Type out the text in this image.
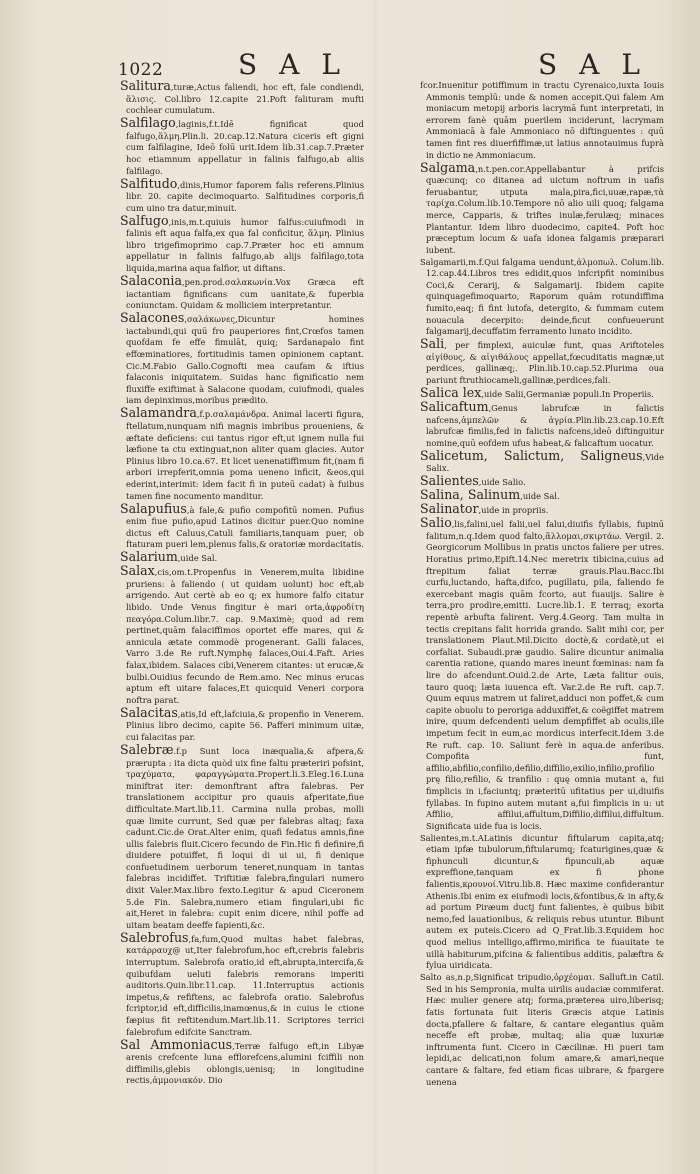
1022	SAL	SAL

Salitura,turæ,Actus faliendi, hoc eft, fale condiendi, ἅλισις. Col.libro 12.capite 21.Poft falituram mufti cochlear cumulatum.

Salfilago,laginis,f.t.Idē fignificat quod falfugo,ἅλμη.Plin.li. 20.cap.12.Natura ciceris eft gigni cum falfilagine, Ideō folū urit.Idem lib.31.cap.7.Præter hoc etiamnum appellatur in falinis falfugo,ab aliis falfilago.

Salfitudo,dinis,Humor faporem falis referens.Plinius libr. 20. capite decimoquarto. Salfitudines corporis,fi cum uino trа datur,minuit.

Salfugo,inis,m.t.quiuis humor falfus:cuiufmodi in falinis eft aqua falfa,ex qua fal conficitur, ἅλμη. Plinius libro trigefimoprimo cap.7.Præter hoc eti amnum appellatur in falinis falfugo,ab alijs falfilago,tota liquida,marina aqua falfior, ut diftans.

Salaconia,pen.prod.σαλακωνία.Vox Græca eft iactantiam fignificans cum uanitate,& fuperbia coniunctam. Quidam & molliciem interpretantur.

Salacones,σαλάκωνες,Dicuntur homines iactabundi,qui quū fro pauperiores fint,Crœfos tamen quofdam fe effe fimulāt, quiq; Sardanapalo fint effœminatiores, fortitudinis tamen opinionem captant. Cic.M.Fabio Gallo.Cognofti mea caufam & iftius falaconis iniquitatem. Suidas hanc fignificatio nem fluxiffe exiftimat à Salacone quodam, cuiufmodi, quales iam depinximus,moribus prædito.

Salamandra,f.p.σαλαμάνδρα. Animal lacerti figura, ftellatum,nunquam nifi magnis imbribus proueniens, & æftate deficiens: cui tantus rigor eft,ut ignem nulla fui læfione ta ctu extinguat,non aliter quam glacies. Autor Plinius libro 10.ca.67. Et licet uenenatiffimum fit,(nam fi arbori irrepferit,omnia poma ueneno inficit, &eos,qui ederint,interimit: idem facit fi in puteū cadat) à fuibus tamen fine nocumento manditur.

Salapufius,à fale,& pufio compofitū nomen. Pufius enim fiue pufio,apud Latinos dicitur puer.Quo nomine dictus eft Caluus,Catuli familiaris,tanquam puer, ob ftaturam pueri lem,plenus falis,& oratoriæ mordacitatis.

Salarium,uide Sal.

Salax,cis,om.t.Propenfus in Venerem,multa libidine pruriens: à faliendo ( ut quidam uolunt) hoc eft,ab arrigendo. Aut certè ab eo q; ex humore falfo citatur libido. Unde Venus fingitur è mari orta,ἀφροδίτη πεαγόρα.Colum.libr.7. cap. 9.Maximè; quod ad rem pertinet,quām falaciffimos oportet effe mares, qui & annicula ætate commodè progenerant. Galli falaces, Varro 3.de Re ruft.Nymphę falaces,Oui.4.Faft. Aries falax,ibidem. Salaces cibi,Venerem citantes: ut erucæ,& bulbi.Ouidius fecundo de Rem.amo. Nec minus erucas aptum eft uitare falaces,Et quicquid Veneri corpora noftra parat.

Salacitas,atis,Id eft,lafciuia,& propenfio in Venerem. Plinius libro decimo, capite 56. Pafferi minimum uitæ, cui falacitas par.

Salebræ.f.p Sunt loca inæqualia,& afpera,& prærupta : ita dicta quòd uix fine faltu præteriri pofsint, τραχύματα, φαραγγώματα.Propert.li.3.Eleg.16.Luna miniftrat iter: demonftrant aftra falebras. Per translationem accipitur pro quauis afperitate,fiue difficultate.Mart.lib.11. Carmina nulla probas, molli quæ limite currunt, Sed quæ per falebras altaq; faxa cadunt.Cic.de Orat.Alter enim, quafi fedatus amnis,fine ullis falebris fluit.Cicero fecundo de Fin.Hic fi definire,fi diuidere potuiffet, fi loqui di ui ui, fi denique confuetudinem uerborum teneret,nunquam in tantas falebras incidiffet. Triftitiæ falebra,fingulari numero dixit Valer.Max.libro fexto.Legitur & apud Ciceronem 5.de Fin. Salebra,numero etiam fingulari,ubi fic ait,Heret in falebra: cupit enim dicere, nihil poffe ad uitam beatam deeffe fapienti,&c.

Salebrofus,fa,fum,Quod multas habet falebras, κατάρραυχ@ ut,Iter falebrofum,hoc eft,crebris falebris interruptum. Salebrofa oratio,id eft,abrupta,intercifa,& quibufdam ueluti falebris remorans imperiti auditoris.Quin.libr.11.cap. 11.Interruptus actionis impetus,& refiftens, ac falebrofa oratio. Salebrofus fcriptor,id eft,difficilis,inamœnus,& in cuius le ctione fæpius fit reftitendum.Mart.lib.11. Scriptores terrici falebrofum edifcite Sanctram.

Sal Ammoniacus,Terræ falfugo eft,in Libyæ arenis crefcente luna efflorefcens,alumini fciffili non diffimilis,glebis oblongis,uenisq; in longitudine rectis,ἁμμονιακόν. Dio

fcor.Inuenitur potiffimum in tractu Cyrenaico,iuxta Iouis Ammonis templū: unde & nomen accepit.Qui falem Am moniacum metopij arboris lacrymā funt interpretati, in errorem fanè quām puerilem inciderunt, lacrymam Ammoniacā à fale Ammoniaco nō diftinguentes : quū tamen fint res diuerfiffimæ,ut latius annotauimus fuprà in dictio ne Ammoniacum.

Salgama,n.t.pen.cor.Appellabantur à prifcis quæcunq; co ditanea ad uictum noftrum in uafis feruabantur, utputa mala,pira,fici,uuæ,rapæ,τὰ ταρίχα.Colum.lib.10.Tempore nō alio uili quoq; falgama merce, Capparis, & triftes inulæ,ferulæq; minaces Plantantur. Idem libro duodecimo, capite4. Poft hoc præceptum locum & uafa idonea falgamis præparari iubent.

Salgamarii,m.f.Qui falgama uendunt,ἀλμοπωλ. Colum.lib. 12.cap.44.Libros tres edidit,quos infcripfit nominibus Coci,& Cerarij, & Salgamarij. Ibidem capite quinquagefimoquarto, Raporum quām rotundiffima fumito,eaq; fi fint lutofa, detergito, & fummam cutem nouacula decerpito: deinde,ficut confueuerunt falgamarij,decuffatim ferramento lunato incidito.

Sali, per fimplexi, auiculæ funt, quas Ariftoteles αἰγίθους, & αἰγιθάλους appellat,fœcuditatis magnæ,ut perdices, gallinæq;. Plin.lib.10.cap.52.Plurima oua pariunt ftruthiocameli,gallinæ,perdices,fali.

Salica lex,uide Salii,Germaniæ populi.In Properiis.

Salicaftum,Genus labrufcæ in falictis nafcens,ἀμπελῶν & ἀγρία.Plin.lib.23.cap.10.Eft labrufcæ fimilis,fed in falictis nafcens,ideō diftinguitur nomine,quū eofdem ufus habeat,& falicaftum uocatur.

Salicetum, Salictum, Saligneus,Vide Salix.

Salientes,uide Salio.

Salina, Salinum,uide Sal.

Salinator,uide in propriis.

Salio,lis,falini,uel falii,uel falui,diuifis fyllabis, fupinū falitum,n.q.Idem quod falto,ἅλλομαι,σκιρτάω. Vergil. 2. Georgicorum Mollibus in pratis unctos faliere per utres. Horatius primo,Epift.14.Nec meretrix tibicina,cuius ad ftrepitum faliat terræ grauis.Plau.Bacc.Ibi curfu,luctando, hafta,difco, pugillatu, pila, faliendo fe exercebant magis quām fcorto, aut fuauijs. Salire è terra,pro prodire,emitti. Lucre.lib.1. E terraq; exorta repentè arbufta falirent. Verg.4.Georg. Tam multa in tectis crepitans falit horrida grando. Salit mihi cor, per translationem Plaut.Mil.Dicito doctè,& cordatè,ut ei corfaliat. Subaudi.præ gaudio. Salire dicuntur animalia carentia ratione, quando mares ineunt fœminas: nam fa lire do afcendunt.Ouid.2.de Arte, Læta falitur ouis, tauro quoq; læta iuuenca eft. Var.2.de Re ruft. cap.7. Quum equus matrem ut faliret,adduci non poffet,& cum capite obuolu to peroriga adduxiffet,& coëgiffet matrem inire, quum defcendenti uelum dempfiffet ab oculis,ille impetum fecit in eum,ac mordicus interfecit.Idem 3.de Re ruft. cap. 10. Saliunt ferè in aqua.de anferibus. Compofita funt, affilio,abfilio,confilio,defilio,diffilio,exilio,infilio,profilio prę filio,refilio, & tranfilio : quę omnia mutant a, fui fimplicis in i,faciuntq; præteritū ufitatius per ui,diuifis fyllabas. In fupino autem mutant a,fui fimplicis in u: ut Affilio, affilui,affultum,Diffilio,diffilui,diffultum. Significata uide fua is locis.

Salientes,m.t.ALatinis dicuntur fiftularum capita,atq; etiam ipfæ tubulorum,fiftularumq; fcaturigines,quæ & fiphunculi dicuntur,& fipunculi,ab aquæ expreffione,tanquam ex fi phone falientis,κρουνοί.Vitru.lib.8. Hæc maxime confiderantur Athenis.Ibi enim ex eiufmodi locis,&fontibus,& in afty,& ad portum Piræum ductj funt falientes, è quibus bibit nemo,fed lauationibus, & reliquis rebus utuntur. Bibunt autem ex puteis.Cicero ad Q_Frat.lib.3.Equidem hoc quod melius intelligo,affirmo,mirifica te fuauitate te uillà habiturum,pifcina & falientibus additis, palæftra & fylua uiridicata.

Salto as,n.p,Significat tripudio,ὀρχέομαι. Salluft.in Catil. Sed in his Sempronia, multa uirilis audaciæ commiferat. Hæc mulier genere atq; forma,præterea uiro,liberisq; fatis fortunata fuit literis Græcis atque Latinis docta,pfallere & faltare, & cantare elegantius quām neceffe eft probæ, multaq; alia quæ luxuriæ inftrumenta funt. Cicero in Cæcilinæ. Hi pueri tam lepidi,ac delicati,non folum amare,& amari,neque cantare & faltare, fed etiam ficas uibrare, & fpargere uenena
